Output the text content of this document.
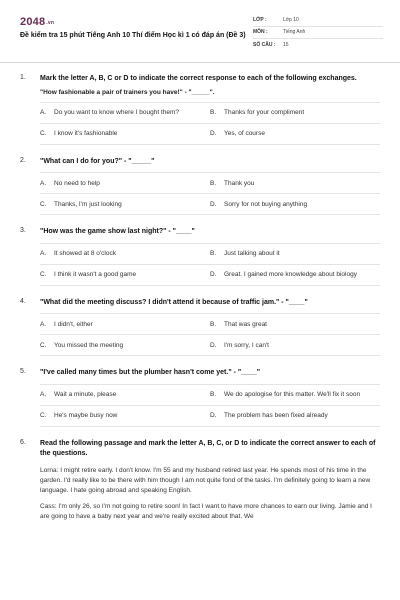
2048.vn
Đề kiểm tra 15 phút Tiếng Anh 10 Thí điểm Học kì 1 có đáp án (Đề 3)
LỚP :	Lớp 10
MÔN :	Tiếng Anh
SỐ CÂU :	15
1. Mark the letter A, B, C or D to indicate the correct response to each of the following exchanges.
"How fashionable a pair of trainers you have!" - "_____".
A.	Do you want to know where I bought them?	B.	Thanks for your compliment
C.	I know it's fashionable	D.	Yes, of course
2. "What can I do for you?" - "_____"
A.	No need to help	B.	Thank you
C.	Thanks, I'm just looking	D.	Sorry for not buying anything
3. "How was the game show last night?" - "____"
A.	It showed at 8 o'clock	B.	Just talking about it
C.	I think it wasn't a good game	D.	Great. I gained more knowledge about biology
4. "What did the meeting discuss? I didn't attend it because of traffic jam." - "____"
A.	I didn't, either	B.	That was great
C.	You missed the meeting	D.	I'm sorry, I can't
5. "I've called many times but the plumber hasn't come yet." - "____"
A.	Wait a minute, please	B.	We do apologise for this matter. We'll fix it soon
C.	He's maybe busy now	D.	The problem has been fixed already
6. Read the following passage and mark the letter A, B, C, or D to indicate the correct answer to each of the questions.
Lorna: I might retire early. I don't know. I'm 55 and my husband retired last year. He spends most of his time in the garden. I'd really like to be there with him though I am not quite fond of the tasks. I'm definitely going to learn a new language. I hate going abroad and speaking English.
Cass: I'm only 26, so I'm not going to retire soon! In fact I want to have more chances to earn our living. Jamie and I are going to have a baby next year and we're really excited about that. We
